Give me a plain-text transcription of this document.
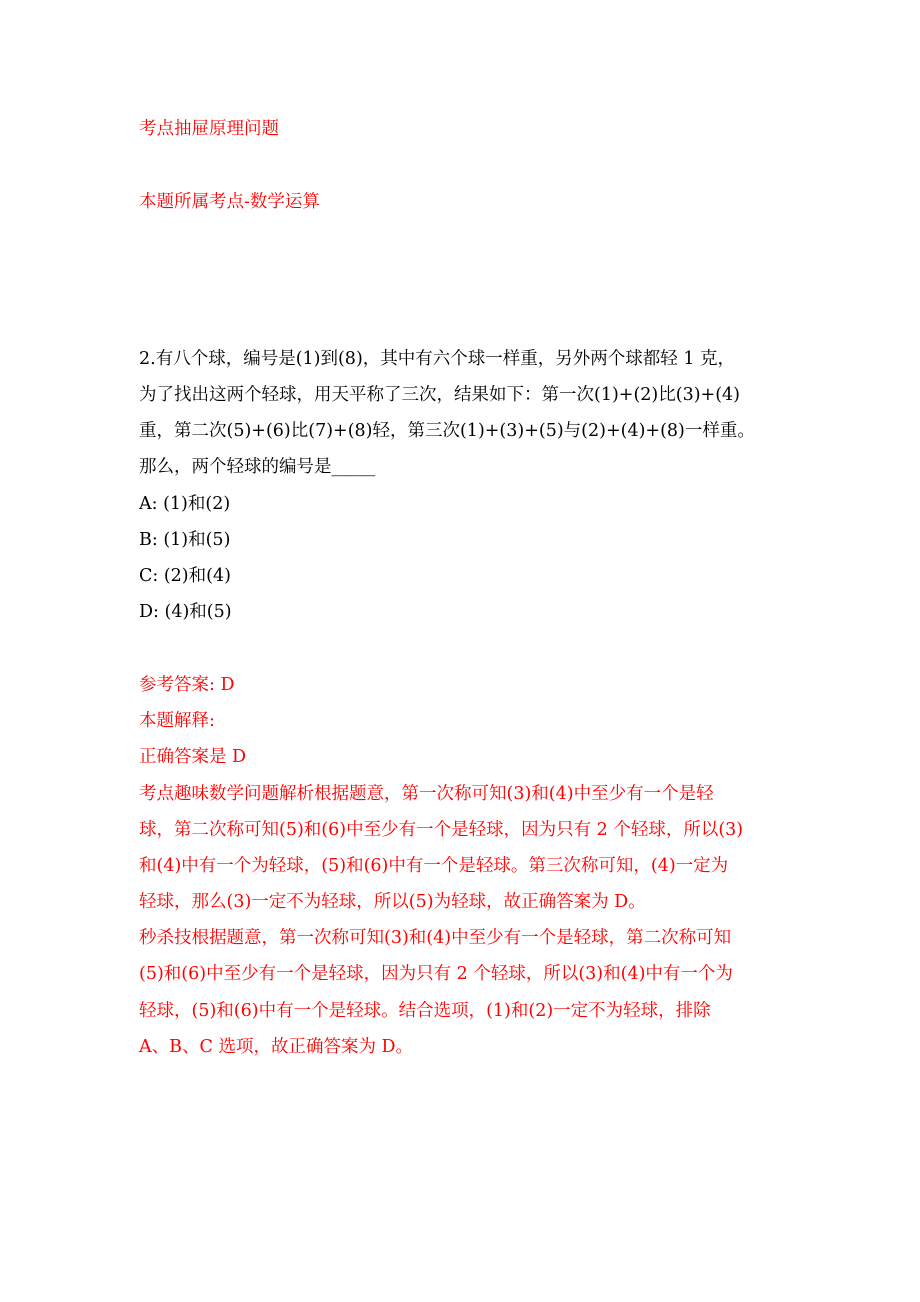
考点抽屉原理问题
本题所属考点-数学运算
2.有八个球，编号是(1)到(8)，其中有六个球一样重，另外两个球都轻 1 克，
为了找出这两个轻球，用天平称了三次，结果如下：第一次(1)+(2)比(3)+(4)
重，第二次(5)+(6)比(7)+(8)轻，第三次(1)+(3)+(5)与(2)+(4)+(8)一样重。
那么，两个轻球的编号是_____
A: (1)和(2)
B: (1)和(5)
C: (2)和(4)
D: (4)和(5)
参考答案: D
本题解释:
正确答案是 D
考点趣味数学问题解析根据题意，第一次称可知(3)和(4)中至少有一个是轻
球，第二次称可知(5)和(6)中至少有一个是轻球，因为只有 2 个轻球，所以(3)
和(4)中有一个为轻球，(5)和(6)中有一个是轻球。第三次称可知，(4)一定为
轻球，那么(3)一定不为轻球，所以(5)为轻球，故正确答案为 D。
秒杀技根据题意，第一次称可知(3)和(4)中至少有一个是轻球，第二次称可知
(5)和(6)中至少有一个是轻球，因为只有 2 个轻球，所以(3)和(4)中有一个为
轻球，(5)和(6)中有一个是轻球。结合选项，(1)和(2)一定不为轻球，排除
A、B、C 选项，故正确答案为 D。
